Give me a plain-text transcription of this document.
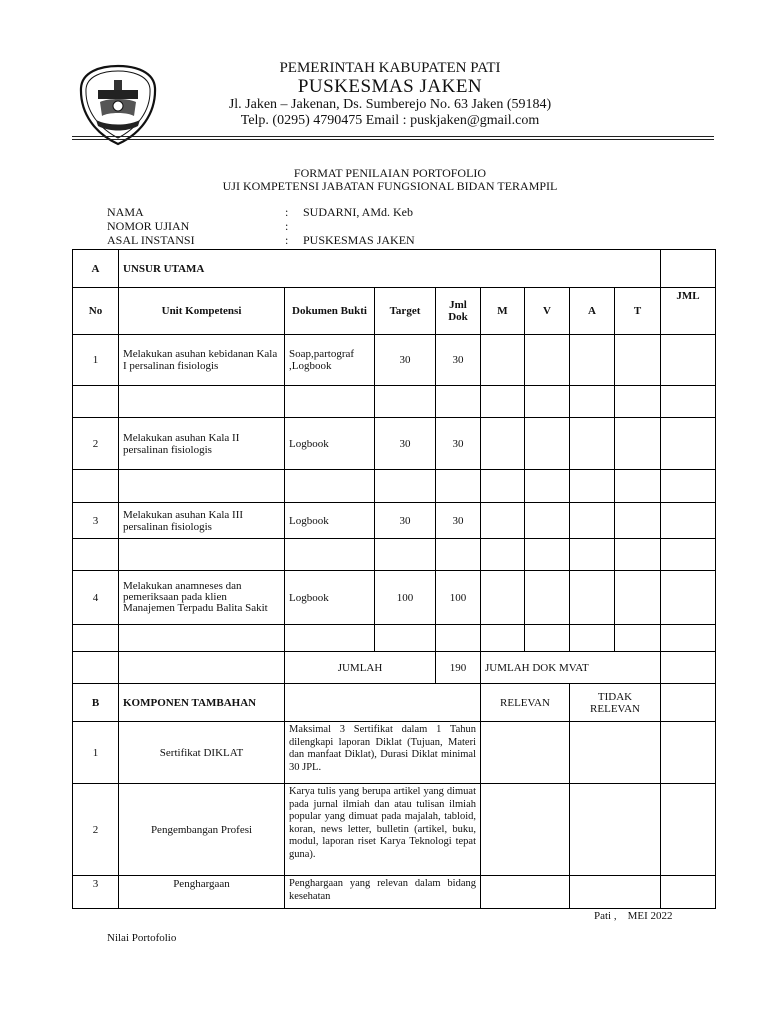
PEMERINTAH KABUPATEN PATI
PUSKESMAS JAKEN
Jl. Jaken – Jakenan, Ds. Sumberejo No. 63 Jaken (59184)
Telp. (0295) 4790475 Email : puskjaken@gmail.com
FORMAT PENILAIAN PORTOFOLIO
UJI KOMPETENSI JABATAN FUNGSIONAL BIDAN TERAMPIL
NAMA	: SUDARNI, AMd. Keb
NOMOR UJIAN	:
ASAL INSTANSI	: PUSKESMAS JAKEN
A	UNSUR UTAMA								
No	Unit Kompetensi	Dokumen Bukti	Target	Jml Dok	M	V	A	T	JML
1	Melakukan asuhan kebidanan Kala I persalinan fisiologis	Soap,partograf ,Logbook	30	30					

2	Melakukan asuhan Kala II persalinan fisiologis	Logbook	30	30					

3	Melakukan asuhan Kala III persalinan fisiologis	Logbook	30	30					

4	Melakukan anamneses dan pemeriksaan pada klien Manajemen Terpadu Balita Sakit	Logbook	100	100					

		JUMLAH		190	JUMLAH DOK MVAT				
B	KOMPONEN TAMBAHAN				RELEVAN		TIDAK RELEVAN		
1	Sertifikat DIKLAT	Maksimal 3 Sertifikat dalam 1 Tahun dilengkapi laporan Diklat (Tujuan, Materi dan manfaat Diklat), Durasi Diklat minimal 30 JPL.							
2	Pengembangan Profesi	Karya tulis yang berupa artikel yang dimuat pada jurnal ilmiah dan atau tulisan ilmiah popular yang dimuat pada majalah, tabloid, koran, news letter, bulletin (artikel, buku, modul, laporan riset Karya Teknologi tepat guna).							
3	Penghargaan	Penghargaan yang relevan dalam bidang kesehatan							
Pati ,    MEI 2022
Nilai Portofolio
